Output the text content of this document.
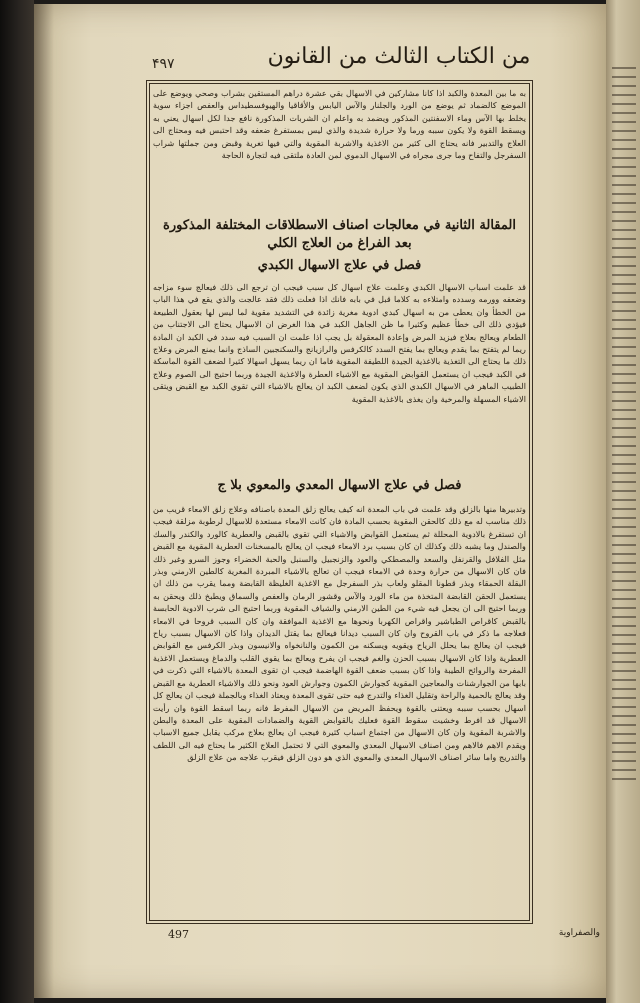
۴۹۷	من الكتاب الثالث من القانون
به ما بين المعدة والكبد اذا كانا مشاركين في الاسهال بقي عشرة دراهم المستقين بشراب وصحي ويوضع على الموضع كالضماد ثم يوضع من الورد والجلنار والآس اليابس والأقاقيا والهيوفسطيداس والعفص اجزاء سوية يخلط بها الآس وماء الاسفنتين المذكور ويضمد به واعلم ان الشربات المذكورة نافع جدا لكل اسهال يعني به ويسقط القوة ولا يكون سببه ورما ولا حرارة شديدة والذي ليس بمستفرغ ضعفه وقد احتبس فيه ومحتاج الى العلاج والتدبير فانه يحتاج الى كثير من الاغذية والاشربة المقوية والتي فيها تغرية وقبض ومن جملتها شراب السفرجل والتفاح وما جرى مجراه في الاسهال الدموي لمن العادة ملتقى فيه لتجارة الحاجة
المقالة الثانية في معالجات اصناف الاسطلاقات المختلفة المذكورة بعد الفراغ من العلاج الكلي
فصل في علاج الاسهال الكبدي
قد علمت اسباب الاسهال الكبدي وعلمت علاج اسهال كل سبب فيجب ان ترجع الى ذلك فيعالج سوء مزاجه وضعفه وورمه وسدده وامتلاءه به كلاما قبل في بابه فانك اذا فعلت ذلك فقد عالجت والذي يقع في هذا الباب من الخطأ وان يعطى من به اسهال كبدي ادوية مغرية زائدة في التشديد مقوية لما ليس لها بعقول الطبيعة فيؤدي ذلك الى خطأ عظيم وكثيرا ما ظن الجاهل الكبد في هذا الغرض ان الاسهال يحتاج الى الاجتناب من الطعام ويعالج بعلاج فيزيد المرض وإعادة المعقولة بل يجب اذا علمت ان السبب فيه سدد في الكبد ان المادة ريما لم يتفتح بما يقدم ويعالج بما يفتح السدد كالكرفس والرازيانج والسكنجبين الساذج وانما يمنع المرض وعلاج ذلك ما يحتاج الى التغذية بالاغذية الجيدة اللطيفة المقوية فاما ان ريما يسهل اسهالا كثيرا لضعف القوة الماسكة في الكبد فيجب ان يستعمل القوابض المقوية مع الاشياء العطرة والاغذية الجيدة وربما احتيج الى الصوم وعلاج الطبيب الماهر في الاسهال الكبدي الذي يكون لضعف الكبد ان يعالج بالاشياء التي تقوي الكبد مع القبض ويتقى الاشياء المسهلة والمرخية وان يغذى بالاغذية المقوية
فصل في علاج الاسهال المعدي والمعوي بلا ج
وتدبيرها منها بالزلق وقد علمت في باب المعدة انه كيف يعالج زلق المعدة باصنافه وعلاج زلق الامعاء قريب من ذلك مناسب له مع ذلك كالحقن المقوية بحسب المادة فان كانت الامعاء مستعدة للاسهال لرطوبة مزلقة فيجب ان تستفرغ بالادوية المحللة ثم يستعمل القوابض والاشياء التي تقوي بالقبض والعطرية كالورد والكندر والسك والصندل وما يشبه ذلك وكذلك ان كان بسبب برد الامعاء فيجب ان يعالج بالمسخنات العطرية المقوية مع القبض مثل الفلافل والقرنفل والسعد والمصطكي والعود والزنجبيل والسنبل والحبة الخضراء وجوز السرو وغير ذلك فان كان الاسهال من حرارة وحدة في الامعاء فيجب ان تعالج بالاشياء المبردة المغرية كالطين الارمني وبذر البقلة الحمقاء وبذر قطونا المقلو ولعاب بذر السفرجل مع الاغذية الغليظة القابضة ومما يقرب من ذلك ان يستعمل الحقن القابضة المتخذة من ماء الورد والآس وقشور الرمان والعفص والسماق ويطبخ ذلك ويحقن به وربما احتيج الى ان يجعل فيه شيء من الطين الارمني والشياف المقوية وربما احتيج الى شرب الادوية الحابسة بالقبض كاقراص الطباشير واقراص الكهربا ونحوها مع الاغذية الموافقة وان كان السبب قروحا في الامعاء فعلاجه ما ذكر في باب القروح وان كان السبب ديدانا فيعالج بما يقتل الديدان واذا كان الاسهال بسبب رياح فيجب ان يعالج بما يحلل الرياح ويقويه ويسكنه من الكمون والنانخواه والانيسون وبذر الكرفس مع القوابض العطرية واذا كان الاسهال بسبب الحزن والغم فيجب ان يفرح ويعالج بما يقوي القلب والدماغ ويستعمل الاغذية المفرحة والروائح الطيبة واذا كان بسبب ضعف القوة الهاضمة فيجب ان تقوى المعدة بالاشياء التي ذكرت في بابها من الجوارشنات والمعاجين المقوية كجوارش الكمون وجوارش العود ونحو ذلك والاشياء العطرية مع القبض وقد يعالج بالحمية والراحة وتقليل الغذاء والتدرج فيه حتى تقوى المعدة ويعتاد الغذاء وبالجملة فيجب ان يعالج كل اسهال بحسب سببه ويعتنى بالقوة ويحفظ المريض من الاسهال المفرط فانه ربما اسقط القوة وان رأيت الاسهال قد افرط وخشيت سقوط القوة فعليك بالقوابض القوية والضمادات المقوية على المعدة والبطن والاشربة المقوية وان كان الاسهال من اجتماع اسباب كثيرة فيجب ان يعالج بعلاج مركب يقابل جميع الاسباب ويقدم الاهم فالاهم ومن اصناف الاسهال المعدي والمعوي التي لا تحتمل العلاج الكثير ما يحتاج فيه الى اللطف والتدريج واما سائر اصناف الاسهال المعدي والمعوي الذي هو دون الزلق فيقرب علاجه من علاج الزلق
497	والصفراوية
